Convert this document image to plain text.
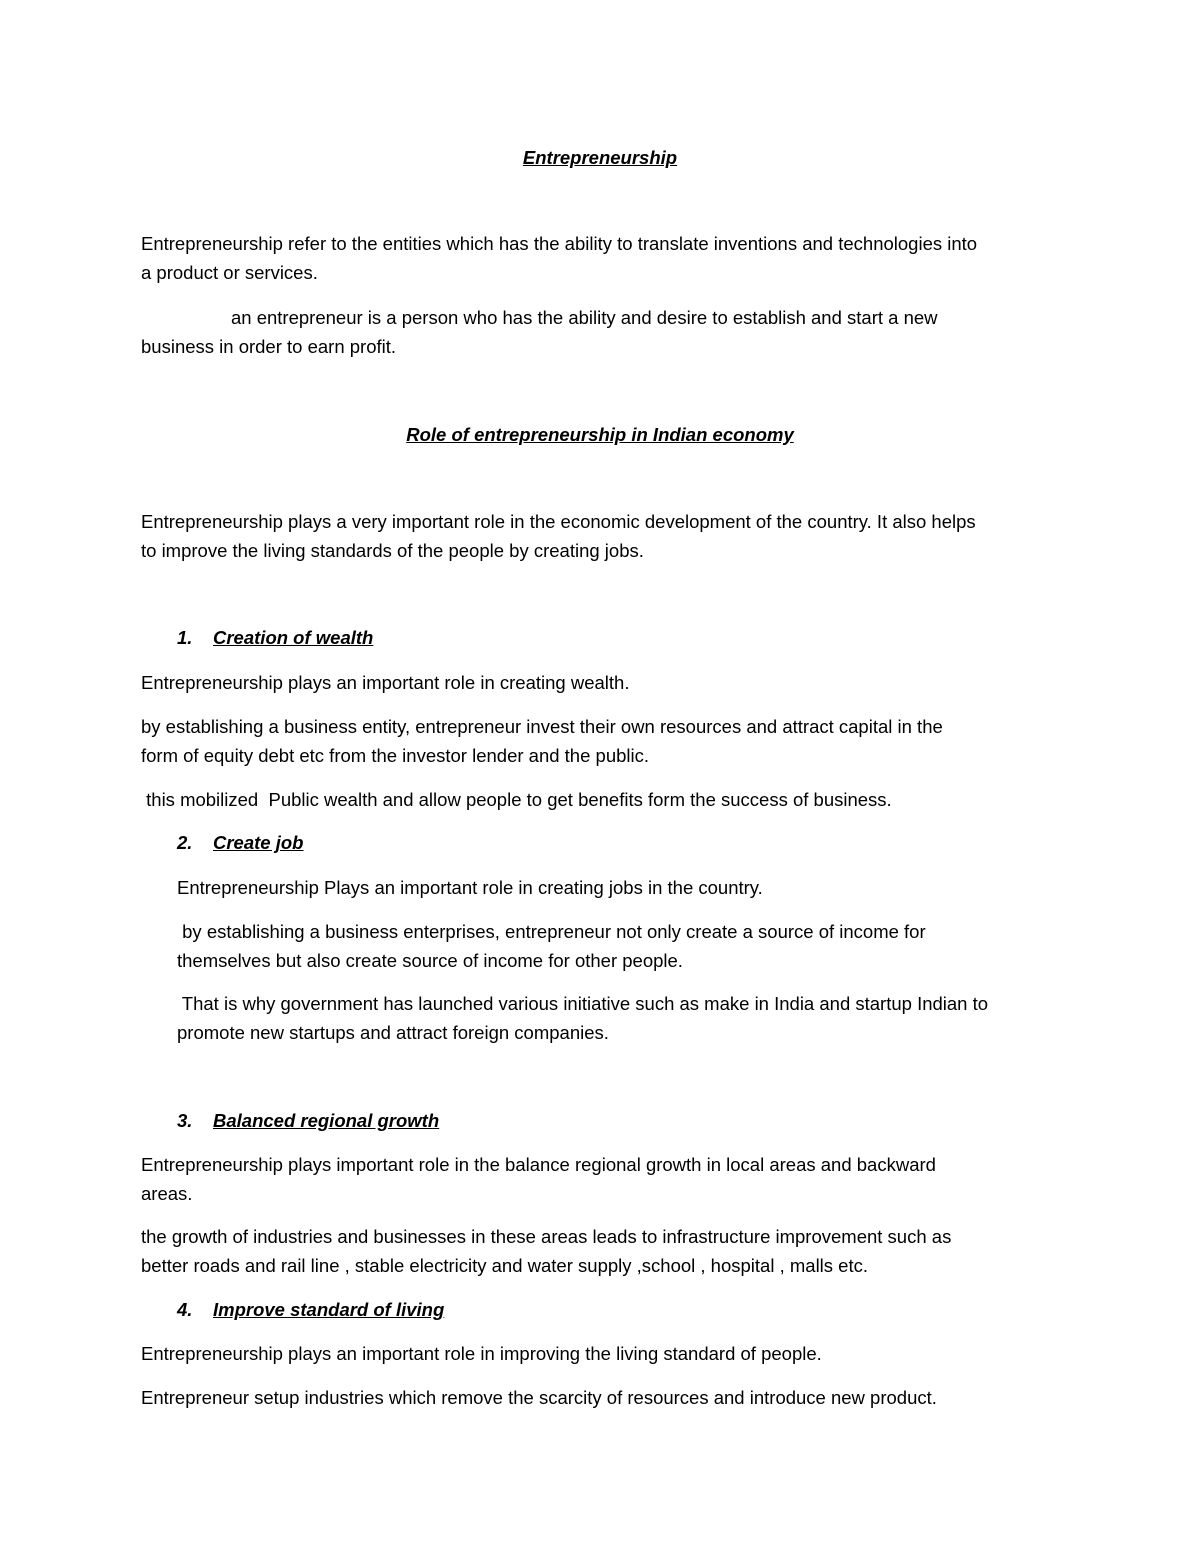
Entrepreneurship

Entrepreneurship refer to the entities which has the ability to translate inventions and technologies into

a product or services.

an entrepreneur is a person who has the ability and desire to establish and start a new

business in order to earn profit.

Role of entrepreneurship in Indian economy

Entrepreneurship plays a very important role in the economic development of the country. It also helps

to improve the living standards of the people by creating jobs.

1. Creation of wealth

Entrepreneurship plays an important role in creating wealth.

by establishing a business entity, entrepreneur invest their own resources and attract capital in the

form of equity debt etc from the investor lender and the public.

this mobilized  Public wealth and allow people to get benefits form the success of business.

2. Create job

Entrepreneurship Plays an important role in creating jobs in the country.

by establishing a business enterprises, entrepreneur not only create a source of income for

themselves but also create source of income for other people.

That is why government has launched various initiative such as make in India and startup Indian to

promote new startups and attract foreign companies.

3. Balanced regional growth

Entrepreneurship plays important role in the balance regional growth in local areas and backward

areas.

the growth of industries and businesses in these areas leads to infrastructure improvement such as

better roads and rail line , stable electricity and water supply ,school , hospital , malls etc.

4. Improve standard of living

Entrepreneurship plays an important role in improving the living standard of people.

Entrepreneur setup industries which remove the scarcity of resources and introduce new product.
